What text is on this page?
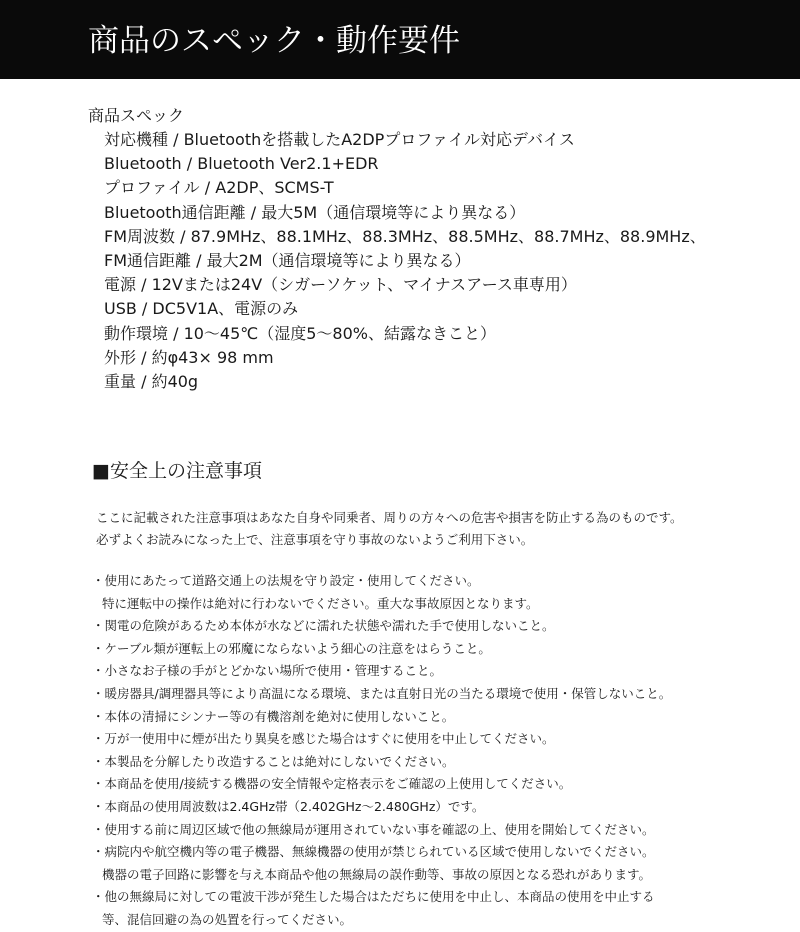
商品のスペック・動作要件
商品スペック
対応機種 / Bluetoothを搭載したA2DPプロファイル対応デバイス
Bluetooth / Bluetooth Ver2.1+EDR
プロファイル / A2DP、SCMS-T
Bluetooth通信距離 / 最大5M（通信環境等により異なる）
FM周波数 / 87.9MHz、88.1MHz、88.3MHz、88.5MHz、88.7MHz、88.9MHz、
FM通信距離 / 最大2M（通信環境等により異なる）
電源 / 12Vまたは24V（シガーソケット、マイナスアース車専用）
USB / DC5V1A、電源のみ
動作環境 / 10～45℃（湿度5～80%、結露なきこと）
外形 / 約φ43× 98 mm
重量 / 約40g
■安全上の注意事項

ここに記載された注意事項はあなた自身や同乗者、周りの方々への危害や損害を防止する為のものです。

必ずよくお読みになった上で、注意事項を守り事故のないようご利用下さい。

・使用にあたって道路交通上の法規を守り設定・使用してください。
特に運転中の操作は絶対に行わないでください。重大な事故原因となります。
・関電の危険があるため本体が水などに濡れた状態や濡れた手で使用しないこと。
・ケーブル類が運転上の邪魔にならないよう細心の注意をはらうこと。
・小さなお子様の手がとどかない場所で使用・管理すること。
・暖房器具/調理器具等により高温になる環境、または直射日光の当たる環境で使用・保管しないこと。
・本体の清掃にシンナー等の有機溶剤を絶対に使用しないこと。
・万が一使用中に煙が出たり異臭を感じた場合はすぐに使用を中止してください。
・本製品を分解したり改造することは絶対にしないでください。
・本商品を使用/接続する機器の安全情報や定格表示をご確認の上使用してください。
・本商品の使用周波数は2.4GHz帯（2.402GHz～2.480GHz）です。
・使用する前に周辺区域で他の無線局が運用されていない事を確認の上、使用を開始してください。
・病院内や航空機内等の電子機器、無線機器の使用が禁じられている区域で使用しないでください。
機器の電子回路に影響を与え本商品や他の無線局の誤作動等、事故の原因となる恐れがあります。
・他の無線局に対しての電波干渉が発生した場合はただちに使用を中止し、本商品の使用を中止する
等、混信回避の為の処置を行ってください。
